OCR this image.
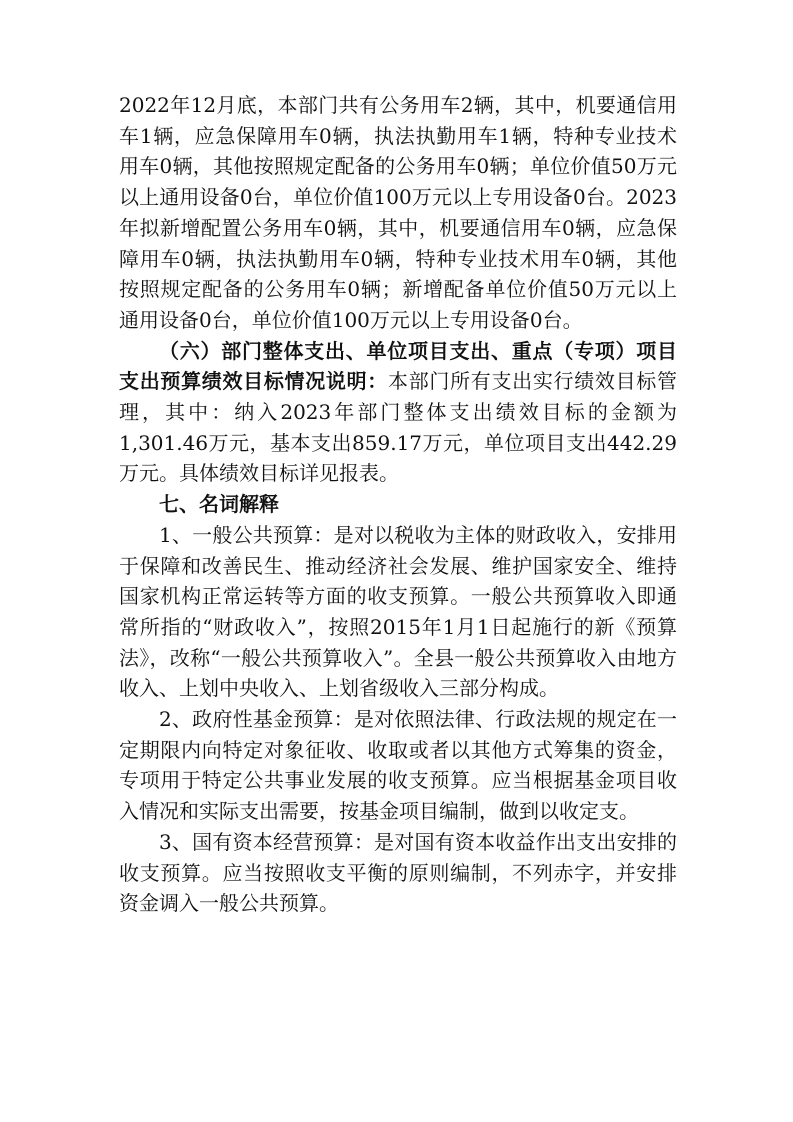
2022年12月底，本部门共有公务用车2辆，其中，机要通信用车1辆，应急保障用车0辆，执法执勤用车1辆，特种专业技术用车0辆，其他按照规定配备的公务用车0辆；单位价值50万元以上通用设备0台，单位价值100万元以上专用设备0台。2023年拟新增配置公务用车0辆，其中，机要通信用车0辆，应急保障用车0辆，执法执勤用车0辆，特种专业技术用车0辆，其他按照规定配备的公务用车0辆；新增配备单位价值50万元以上通用设备0台，单位价值100万元以上专用设备0台。

（六）部门整体支出、单位项目支出、重点（专项）项目支出预算绩效目标情况说明：本部门所有支出实行绩效目标管理，其中：纳入2023年部门整体支出绩效目标的金额为1,301.46万元，基本支出859.17万元，单位项目支出442.29万元。具体绩效目标详见报表。

七、名词解释

1、一般公共预算：是对以税收为主体的财政收入，安排用于保障和改善民生、推动经济社会发展、维护国家安全、维持国家机构正常运转等方面的收支预算。一般公共预算收入即通常所指的“财政收入”，按照2015年1月1日起施行的新《预算法》，改称“一般公共预算收入”。全县一般公共预算收入由地方收入、上划中央收入、上划省级收入三部分构成。

2、政府性基金预算：是对依照法律、行政法规的规定在一定期限内向特定对象征收、收取或者以其他方式筹集的资金，专项用于特定公共事业发展的收支预算。应当根据基金项目收入情况和实际支出需要，按基金项目编制，做到以收定支。

3、国有资本经营预算：是对国有资本收益作出支出安排的收支预算。应当按照收支平衡的原则编制，不列赤字，并安排资金调入一般公共预算。
